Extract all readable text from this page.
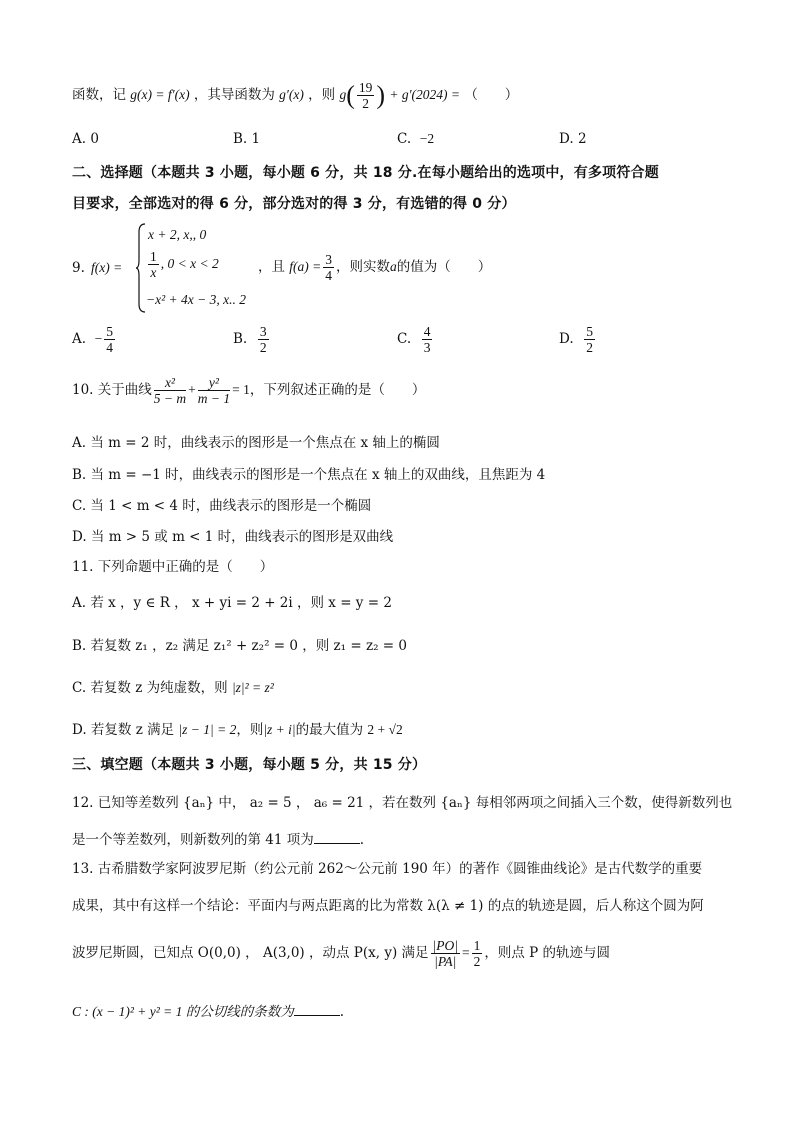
函数，记 g(x) = f′(x) ，其导函数为 g′(x) ，则 $g( \frac{19}{2}$ ) + g′(2024) = （　　）
A. 0	B. 1	C. −2	D. 2
二、选择题（本题共 3 小题，每小题 6 分，共 18 分.在每小题给出的选项中，有多项符合题
目要求，全部选对的得 6 分，部分选对的得 3 分，有选错的得 0 分）
9. f(x) =
x + 2, x,, 0
$\frac{1}{x}$ , 0 < x < 2
−x² + 4x − 3, x.. 2
，且 $f(a) = \frac{3}{4}$ ，则实数a的值为（　　）
A. − $\frac{5}{4}$	B. $\frac{3}{2}$	C. $\frac{4}{3}$	D. $\frac{5}{2}$
10. 关于曲线 $\frac{\text{x²}}{5 - m} + \frac{\text{y²}}{m - 1} = 1$，下列叙述正确的是（　　）
A. 当 m = 2 时，曲线表示的图形是一个焦点在 x 轴上的椭圆
B. 当 m = −1 时，曲线表示的图形是一个焦点在 x 轴上的双曲线，且焦距为 4
C. 当 1 < m < 4 时，曲线表示的图形是一个椭圆
D. 当 m > 5 或 m < 1 时，曲线表示的图形是双曲线
11. 下列命题中正确的是（　　）
A. 若 x ，y ∈ R ， x + yi = 2 + 2i ，则 x = y = 2
B. 若复数 z₁ ，z₂ 满足 z₁² + z₂² = 0 ，则 z₁ = z₂ = 0
C. 若复数 z 为纯虚数，则 |z|² = z²
D. 若复数 z 满足 |z − 1| = 2，则|z + i|的最大值为 2 + √2
三、填空题（本题共 3 小题，每小题 5 分，共 15 分）
12. 已知等差数列 {aₙ} 中， a₂ = 5 ， a₆ = 21 ，若在数列 {aₙ} 每相邻两项之间插入三个数，使得新数列也
是一个等差数列，则新数列的第 41 项为	.
13. 古希腊数学家阿波罗尼斯（约公元前 262～公元前 190 年）的著作《圆锥曲线论》是古代数学的重要
成果，其中有这样一个结论：平面内与两点距离的比为常数 λ(λ ≠ 1) 的点的轨迹是圆，后人称这个圆为阿
波罗尼斯圆，已知点 O(0,0) ， A(3,0) ，动点 P(x, y) 满足 $\frac{|PO|}{|PA|} = \frac{1}{2}$ ，则点 P 的轨迹与圆
C : (x − 1)² + y² = 1 的公切线的条数为	.
